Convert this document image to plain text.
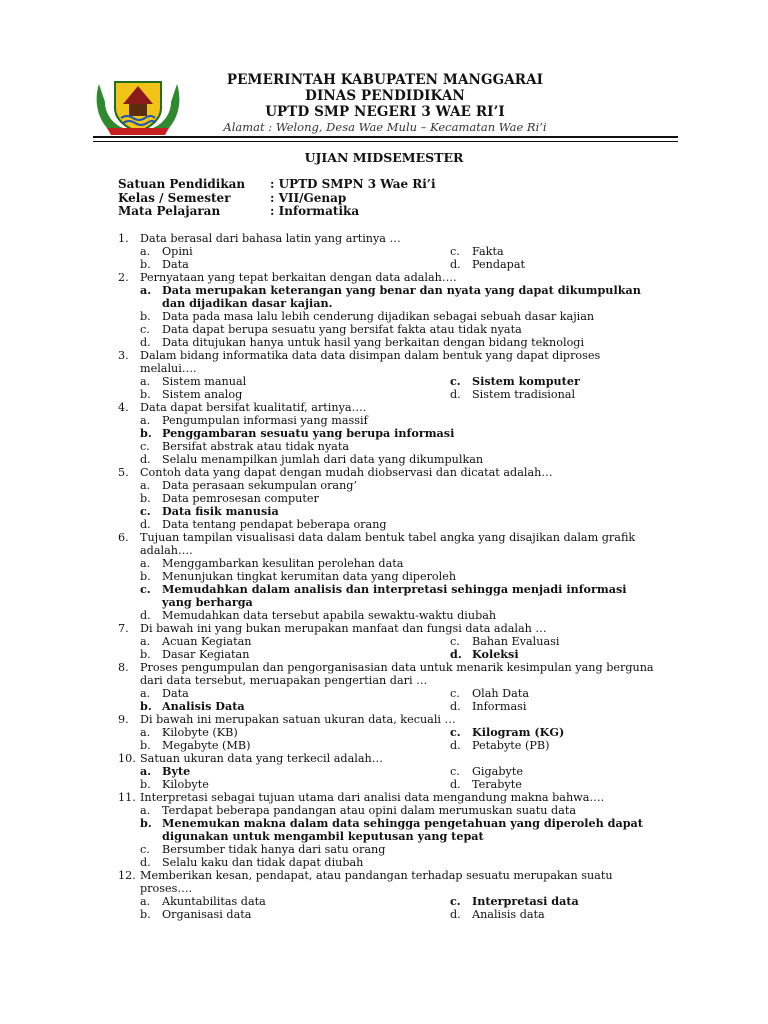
PEMERINTAH KABUPATEN MANGGARAI
DINAS PENDIDIKAN
UPTD SMP NEGERI 3 WAE RI’I
Alamat : Welong, Desa Wae Mulu – Kecamatan Wae Ri’i
UJIAN MIDSEMESTER
Satuan Pendidikan	: UPTD SMPN 3 Wae Ri’i
Kelas / Semester	: VII/Genap
Mata Pelajaran	: Informatika
1.	Data berasal dari bahasa latin yang artinya …
a.	Opini	c.	Fakta
b.	Data	d.	Pendapat
2.	Pernyataan yang tepat berkaitan dengan data adalah….
a. Data merupakan keterangan yang benar dan nyata yang dapat dikumpulkan dan dijadikan dasar kajian.
b.	Data pada masa lalu lebih cenderung dijadikan sebagai sebuah dasar kajian
c.	Data dapat berupa sesuatu yang bersifat fakta atau tidak nyata
d.	Data ditujukan hanya untuk hasil yang berkaitan dengan bidang teknologi
3.	Dalam bidang informatika data data disimpan dalam bentuk yang dapat diproses melalui….
a.	Sistem manual	c.	Sistem komputer
b.	Sistem analog	d.	Sistem tradisional
4.	Data dapat bersifat kualitatif, artinya….
a.	Pengumpulan informasi yang massif
b. Penggambaran sesuatu yang berupa informasi
c.	Bersifat abstrak atau tidak nyata
d.	Selalu menampilkan jumlah dari data yang dikumpulkan
5.	Contoh data yang dapat dengan mudah diobservasi dan dicatat adalah…
a.	Data perasaan sekumpulan orang’
b.	Data pemrosesan computer
c.	Data fisik manusia
d.	Data tentang pendapat beberapa orang
6.	Tujuan tampilan visualisasi data dalam bentuk tabel angka yang disajikan dalam grafik adalah….
a.	Menggambarkan kesulitan perolehan data
b.	Menunjukan tingkat kerumitan data yang diperoleh
c.	Memudahkan dalam analisis dan interpretasi sehingga menjadi informasi yang berharga
d.	Memudahkan data tersebut apabila sewaktu-waktu diubah
7.	Di bawah ini yang bukan merupakan manfaat dan fungsi data adalah …
a.	Acuan Kegiatan	c.	Bahan Evaluasi
b.	Dasar Kegiatan	d. Koleksi
8.	Proses pengumpulan dan pengorganisasian data untuk menarik kesimpulan yang berguna dari data tersebut, meruapakan pengertian dari …
a.	Data	c.	Olah Data
b. Analisis Data	d.	Informasi
9.	Di bawah ini merupakan satuan ukuran data, kecuali …
a.	Kilobyte (KB)	c.	Kilogram (KG)
b.	Megabyte (MB)	d.	Petabyte (PB)
10. Satuan ukuran data yang terkecil adalah…
a. Byte	c.	Gigabyte
b.	Kilobyte	d.	Terabyte
11. Interpretasi sebagai tujuan utama dari analisi data mengandung makna bahwa….
a.	Terdapat beberapa pandangan atau opini dalam merumuskan suatu data
b. Menemukan makna dalam data sehingga pengetahuan yang diperoleh dapat digunakan untuk mengambil keputusan yang tepat
c.	Bersumber tidak hanya dari satu orang
d.	Selalu kaku dan tidak dapat diubah
12. Memberikan kesan, pendapat, atau pandangan terhadap sesuatu merupakan suatu proses….
a.	Akuntabilitas data	c.	Interpretasi data
b.	Organisasi data	d.	Analisis data
